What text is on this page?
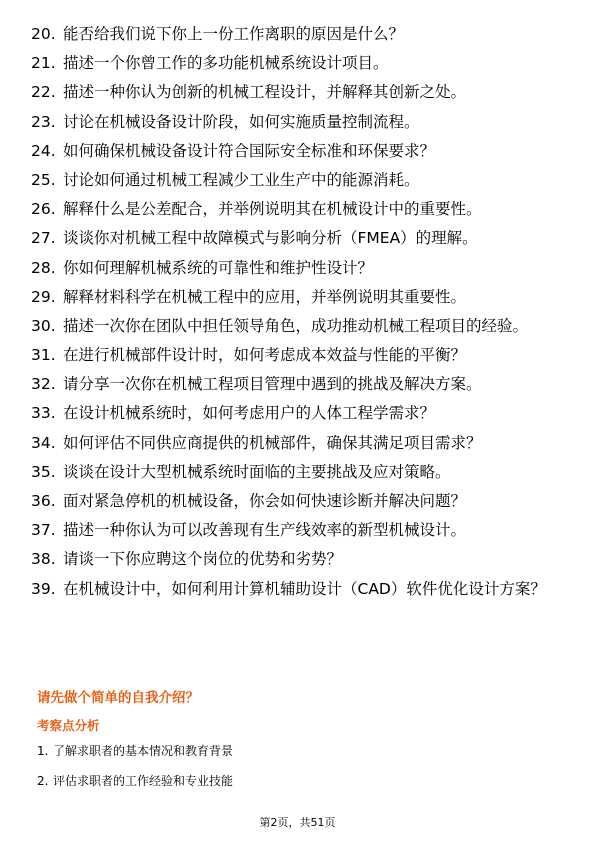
20. 能否给我们说下你上一份工作离职的原因是什么？
21. 描述一个你曾工作的多功能机械系统设计项目。
22. 描述一种你认为创新的机械工程设计，并解释其创新之处。
23. 讨论在机械设备设计阶段，如何实施质量控制流程。
24. 如何确保机械设备设计符合国际安全标准和环保要求？
25. 讨论如何通过机械工程减少工业生产中的能源消耗。
26. 解释什么是公差配合，并举例说明其在机械设计中的重要性。
27. 谈谈你对机械工程中故障模式与影响分析（FMEA）的理解。
28. 你如何理解机械系统的可靠性和维护性设计？
29. 解释材料科学在机械工程中的应用，并举例说明其重要性。
30. 描述一次你在团队中担任领导角色，成功推动机械工程项目的经验。
31. 在进行机械部件设计时，如何考虑成本效益与性能的平衡？
32. 请分享一次你在机械工程项目管理中遇到的挑战及解决方案。
33. 在设计机械系统时，如何考虑用户的人体工程学需求？
34. 如何评估不同供应商提供的机械部件，确保其满足项目需求？
35. 谈谈在设计大型机械系统时面临的主要挑战及应对策略。
36. 面对紧急停机的机械设备，你会如何快速诊断并解决问题？
37. 描述一种你认为可以改善现有生产线效率的新型机械设计。
38. 请谈一下你应聘这个岗位的优势和劣势？
39. 在机械设计中，如何利用计算机辅助设计（CAD）软件优化设计方案？
请先做个简单的自我介绍？
考察点分析
1. 了解求职者的基本情况和教育背景
2. 评估求职者的工作经验和专业技能
第2页，共51页
